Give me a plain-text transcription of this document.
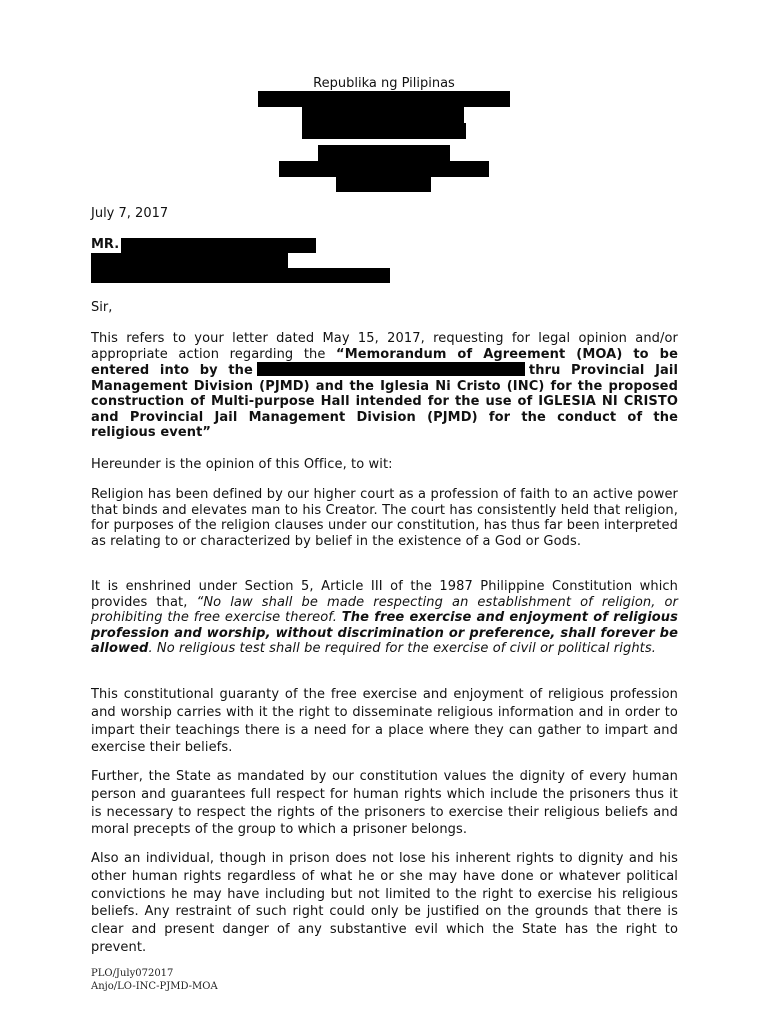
Republika ng Pilipinas
July 7, 2017
MR.
Sir,
This refers to your letter dated May 15, 2017, requesting for legal opinion and/or appropriate action regarding the “Memorandum of Agreement (MOA) to be entered into by the	thru Provincial Jail Management Division (PJMD) and the Iglesia Ni Cristo (INC) for the proposed construction of Multi-purpose Hall intended for the use of IGLESIA NI CRISTO and Provincial Jail Management Division (PJMD) for the conduct of the religious event”
Hereunder is the opinion of this Office, to wit:
Religion has been defined by our higher court as a profession of faith to an active power that binds and elevates man to his Creator. The court has consistently held that religion, for purposes of the religion clauses under our constitution, has thus far been interpreted as relating to or characterized by belief in the existence of a God or Gods.
It is enshrined under Section 5, Article III of the 1987 Philippine Constitution which provides that, “No law shall be made respecting an establishment of religion, or prohibiting the free exercise thereof. The free exercise and enjoyment of religious profession and worship, without discrimination or preference, shall forever be allowed. No religious test shall be required for the exercise of civil or political rights.
This constitutional guaranty of the free exercise and enjoyment of religious profession and worship carries with it the right to disseminate religious information and in order to impart their teachings there is a need for a place where they can gather to impart and exercise their beliefs.
Further, the State as mandated by our constitution values the dignity of every human person and guarantees full respect for human rights which include the prisoners thus it is necessary to respect the rights of the prisoners to exercise their religious beliefs and moral precepts of the group to which a prisoner belongs.
Also an individual, though in prison does not lose his inherent rights to dignity and his other human rights regardless of what he or she may have done or whatever political convictions he may have including but not limited to the right to exercise his religious beliefs. Any restraint of such right could only be justified on the grounds that there is clear and present danger of any substantive evil which the State has the right to prevent.
PLO/July072017
Anjo/LO-INC-PJMD-MOA
